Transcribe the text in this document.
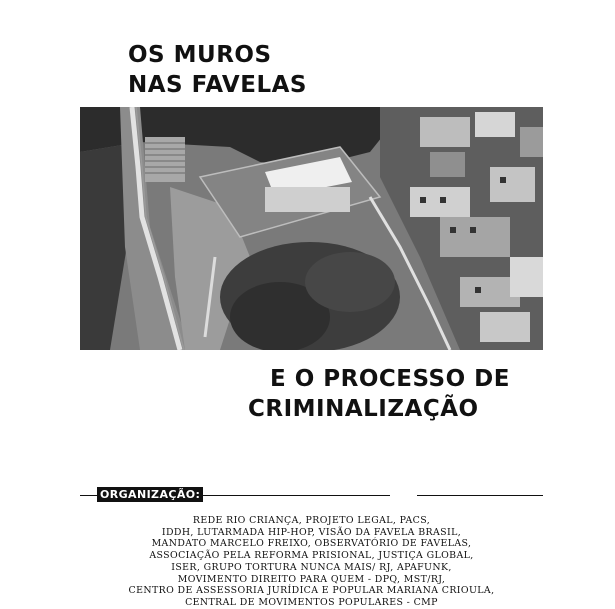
OS MUROS
NAS FAVELAS
E O PROCESSO DE
CRIMINALIZAÇÃO
ORGANIZAÇÃO:
REDE RIO CRIANÇA, PROJETO LEGAL, PACS,
IDDH, LUTARMADA HIP-HOP, VISÃO DA FAVELA BRASIL,
MANDATO MARCELO FREIXO, OBSERVATÓRIO DE FAVELAS,
ASSOCIAÇÃO PELA REFORMA PRISIONAL, JUSTIÇA GLOBAL,
ISER, GRUPO TORTURA NUNCA MAIS/ RJ, APAFUNK,
MOVIMENTO DIREITO PARA QUEM - DPQ, MST/RJ,
CENTRO DE ASSESSORIA JURÍDICA E POPULAR MARIANA CRIOULA,
CENTRAL DE MOVIMENTOS POPULARES - CMP
